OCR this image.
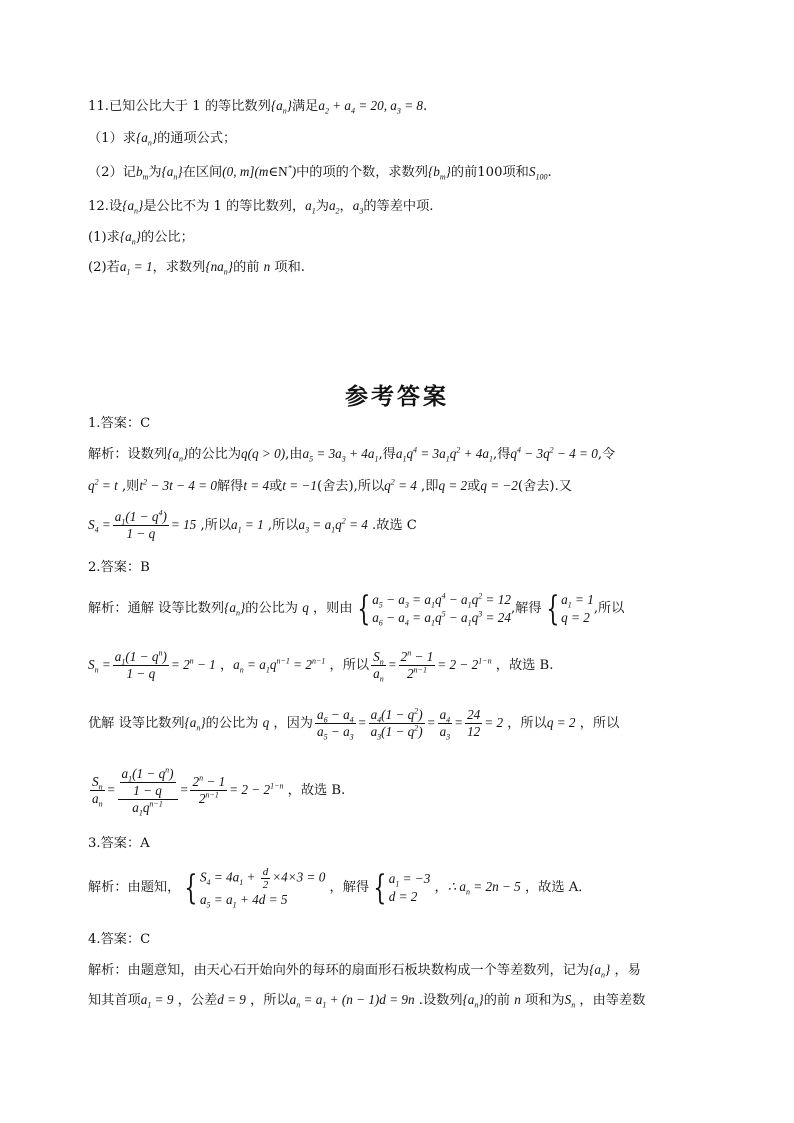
11.已知公比大于 1 的等比数列$\{a_n\}$满足$a_2 + a_4 = 20$, $a_3 = 8$.
（1）求$\{a_n\}$的通项公式；
（2）记$b_m$为$\{a_n\}$在区间(0, m](m∈N*)中的项的个数，求数列$\{b_m\}$的前100项和$S_{100}$.
12.设$\{a_n\}$是公比不为 1 的等比数列，$a_1$为$a_2$，$a_3$的等差中项.
(1)求$\{a_n\}$的公比；
(2)若$a_1 = 1$，求数列$\{na_n\}$的前 n 项和.
参考答案
1.答案：C
解析：设数列$\{a_n\}$的公比为q(q > 0),由$a_5 = 3a_3 + 4a_1$,得$a_1q^4 = 3a_1q^2 + 4a_1$,得$q^4 - 3q^2 - 4 = 0$,令
$q^2 = t$ ,则$t^2 - 3t - 4 = 0$解得t = 4或t = −1(舍去),所以$q^2 = 4$ ,即q = 2或q = −2(舍去).又
$S_4 = \frac{a_1(1 - q^4)}{1 - q} = 15$ ,所以$a_1 = 1$ ,所以$a_3 = a_1q^2 = 4$ .故选 C
2.答案：B
解析：通解 设等比数列$\{a_n\}$的公比为 q ，则由 { $a_5 - a_3 = a_1q^4 - a_1q^2 = 12$
$a_6 - a_4 = a_1q^5 - a_1q^3 = 24$
,解得 { $a_1 = 1$
q = 2
,所以
$S_n = \frac{a_1(1 - q^n)}{1 - q} = 2^n - 1$ ，$a_n = a_1q^{n-1} = 2^{n-1}$ ，所以 $\frac{S_n}{a_n} = \frac{2^n - 1}{2^{n-1}} = 2 - 2^{1-n}$ ，故选 B.
优解 设等比数列$\{a_n\}$的公比为 q ，因为 $\frac{a_6 - a_4}{a_5 - a_3} = \frac{a_4(1 - q^2)}{a_3(1 - q^2)} = \frac{a_4}{a_3} = \frac{24}{12} = 2$ ，所以q = 2 ，所以
$\frac{S_n}{a_n} = \frac{\frac{a_1(1 - q^n)}{1 - q}}{a_1q^{n-1}} = \frac{2^n - 1}{2^{n-1}} = 2 - 2^{1-n}$ ，故选 B.
3.答案：A
解析：由题知， { $S_4 = 4a_1 + \frac{d}{2} \times 4\times 3 = 0$
$a_5 = a_1 + 4d = 5$
，解得 { $a_1 = -3$
d = 2
，∴ $a_n = 2n - 5$ ，故选 A．
4.答案：C
解析：由题意知，由天心石开始向外的每环的扇面形石板块数构成一个等差数列，记为$\{a_n\}$ ，易
知其首项$a_1 = 9$ ，公差d = 9 ，所以$a_n = a_1 + (n - 1)d = 9n$ .设数列$\{a_n\}$的前 n 项和为$S_n$ ，由等差数
